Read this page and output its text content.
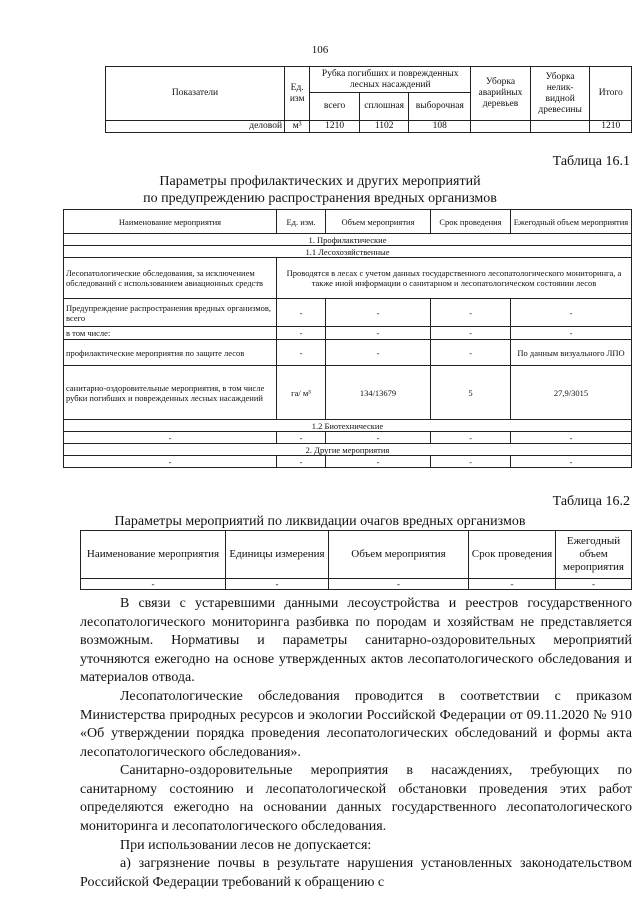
106
Показатели	Ед. изм	Рубка погибших и поврежденных лесных насаждений			Уборка аварийных деревьев	Уборка нелик- видной древесины	Итого
		всего	сплошная	выборочная			
деловой	м³	1210	1102	108			1210
Таблица 16.1
Параметры профилактических и других мероприятий
по предупреждению распространения вредных организмов
Наименование мероприятия	Ед. изм.	Объем мероприятия	Срок проведения	Ежегодный объем мероприятия
1. Профилактические				
1.1 Лесохозяйственные				
Лесопатологические обследования, за исключением обследований с использованием авиационных средств	Проводятся в лесах с учетом данных государственного лесопатологического мониторинга, а также иной информации о санитарном и лесопатологическом состоянии лесов			
Предупреждение распространения вредных организмов, всего	-	-	-	-
в том числе:	-	-	-	-
профилактические мероприятия по защите лесов	-	-	-	По данным визуального ЛПО
санитарно-оздоровительные мероприятия, в том числе рубки погибших и поврежденных лесных насаждений	га/ м³	134/13679	5	27,9/3015
1.2 Биотехнические				
-	-	-	-	-
2. Другие мероприятия				
-	-	-	-	-
Таблица 16.2
Параметры мероприятий по ликвидации очагов вредных организмов
Наименование мероприятия	Единицы измерения	Объем мероприятия	Срок проведения	Ежегодный объем мероприятия
-	-	-	-	-
В связи с устаревшими данными лесоустройства и реестров государственного лесопатологического мониторинга разбивка по породам и хозяйствам не представляется возможным. Нормативы и параметры санитарно-оздоровительных мероприятий уточняются ежегодно на основе утвержденных актов лесопатологического обследования и материалов отвода.
Лесопатологические обследования проводится в соответствии с приказом Министерства природных ресурсов и экологии Российской Федерации от 09.11.2020 № 910 «Об утверждении порядка проведения лесопатологических обследований и формы акта лесопатологического обследования».
Санитарно-оздоровительные мероприятия в насаждениях, требующих по санитарному состоянию и лесопатологической обстановки проведения этих работ определяются ежегодно на основании данных государственного лесопатологического мониторинга и лесопатологического обследования.
При использовании лесов не допускается:
а) загрязнение почвы в результате нарушения установленных законодательством Российской Федерации требований к обращению с
